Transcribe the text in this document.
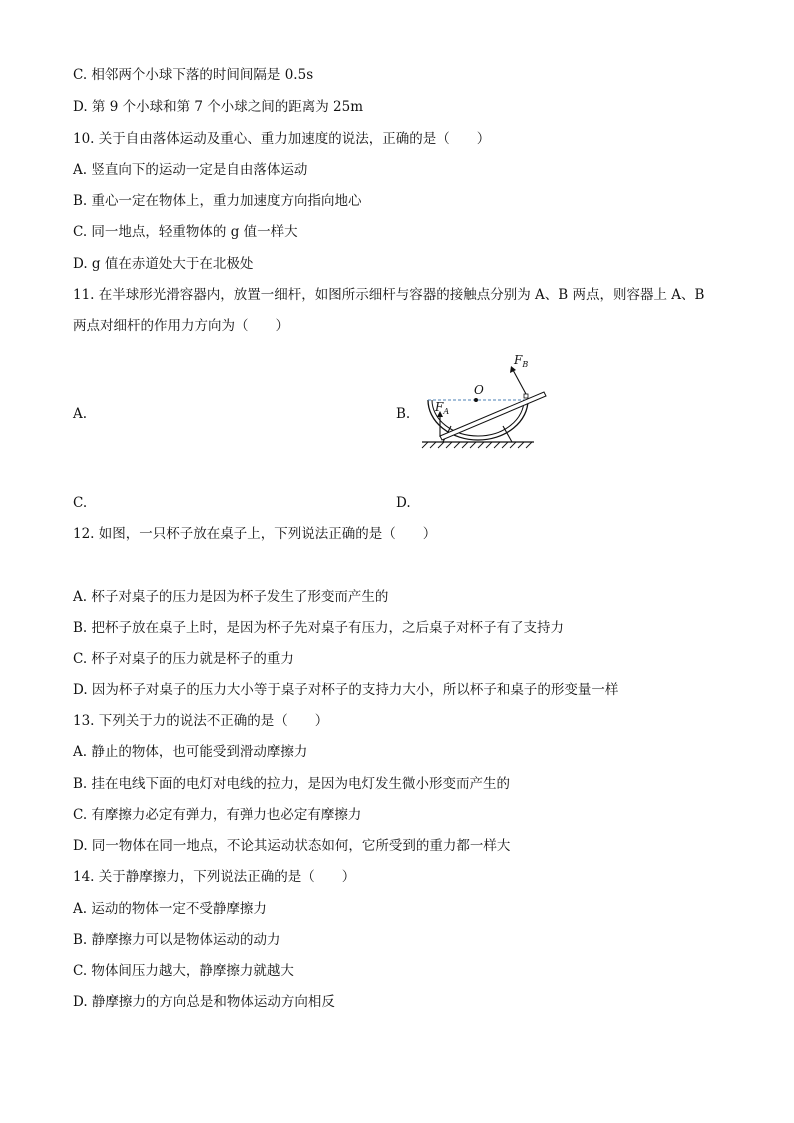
C. 相邻两个小球下落的时间间隔是 0.5s
D. 第 9 个小球和第 7 个小球之间的距离为 25m
10. 关于自由落体运动及重心、重力加速度的说法，正确的是（　　）
A. 竖直向下的运动一定是自由落体运动
B. 重心一定在物体上，重力加速度方向指向地心
C. 同一地点，轻重物体的 g 值一样大
D. g 值在赤道处大于在北极处
11. 在半球形光滑容器内，放置一细杆，如图所示细杆与容器的接触点分别为 A、B 两点，则容器上 A、B
两点对细杆的作用力方向为（　　）
A.	B.
C.	D.
O
$F_A$
$F_B$
12. 如图，一只杯子放在桌子上，下列说法正确的是（　　）
A. 杯子对桌子的压力是因为杯子发生了形变而产生的
B. 把杯子放在桌子上时，是因为杯子先对桌子有压力，之后桌子对杯子有了支持力
C. 杯子对桌子的压力就是杯子的重力
D. 因为杯子对桌子的压力大小等于桌子对杯子的支持力大小，所以杯子和桌子的形变量一样
13. 下列关于力的说法不正确的是（　　）
A. 静止的物体，也可能受到滑动摩擦力
B. 挂在电线下面的电灯对电线的拉力，是因为电灯发生微小形变而产生的
C. 有摩擦力必定有弹力，有弹力也必定有摩擦力
D. 同一物体在同一地点，不论其运动状态如何，它所受到的重力都一样大
14. 关于静摩擦力，下列说法正确的是（　　）
A. 运动的物体一定不受静摩擦力
B. 静摩擦力可以是物体运动的动力
C. 物体间压力越大，静摩擦力就越大
D. 静摩擦力的方向总是和物体运动方向相反
